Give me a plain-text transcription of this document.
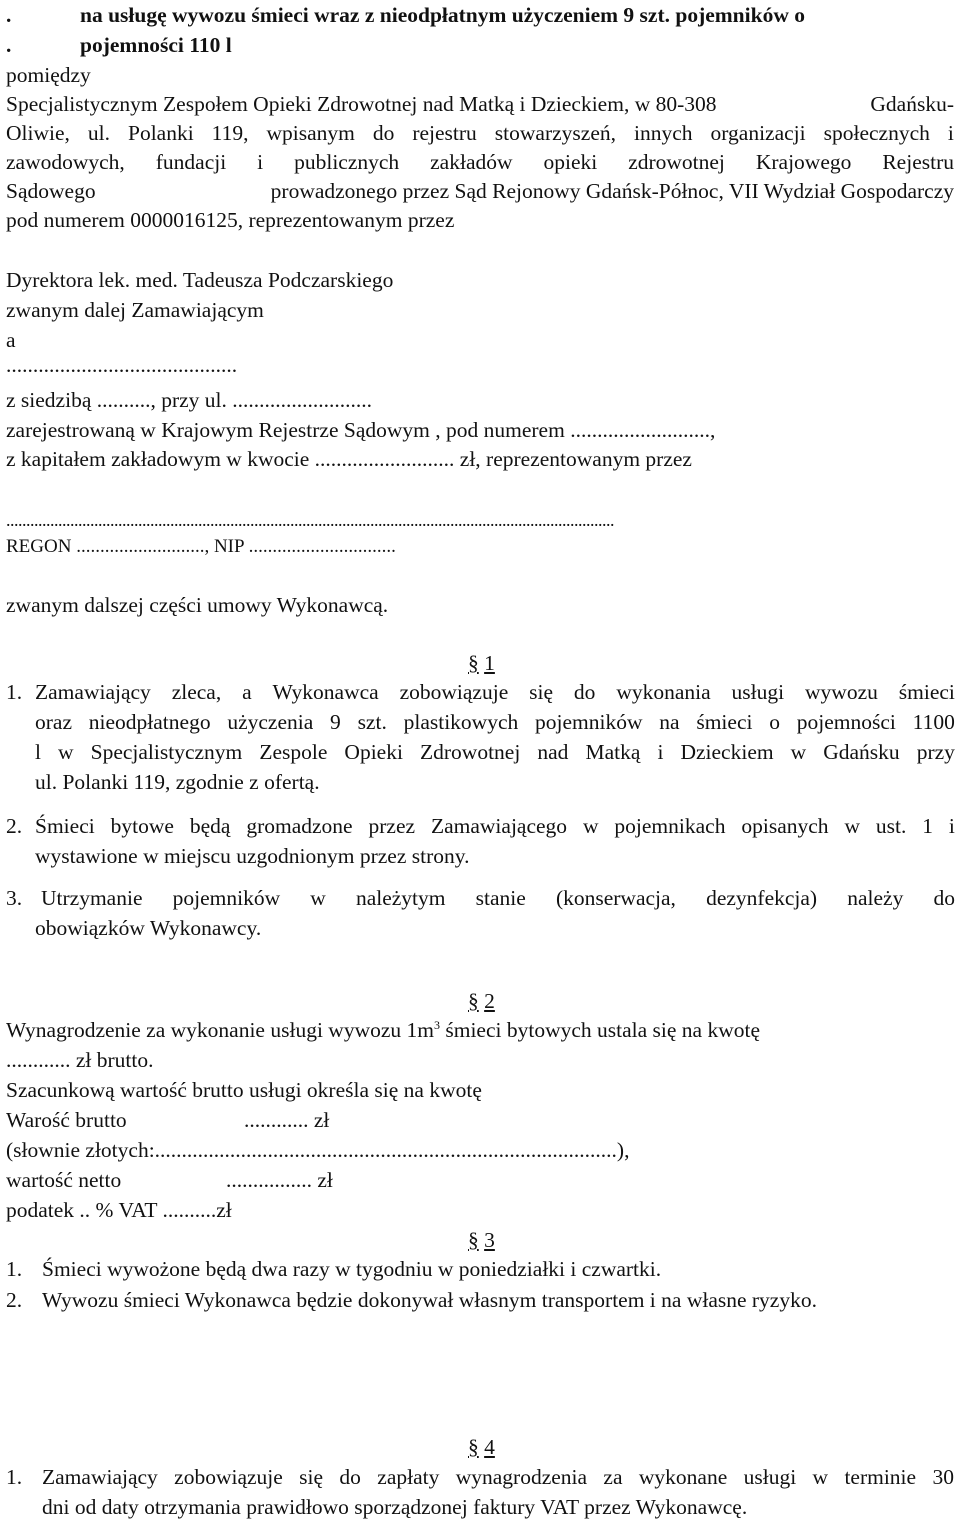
.	na usługę wywozu śmieci wraz z nieodpłatnym użyczeniem 9 szt. pojemników o
.	pojemności 110 l
pomiędzy
Specjalistycznym Zespołem Opieki Zdrowotnej nad Matką i Dzieckiem, w 80-308	Gdańsku-
Oliwie, ul. Polanki 119, wpisanym do rejestru stowarzyszeń, innych organizacji społecznych i
zawodowych, fundacji i publicznych zakładów opieki zdrowotnej Krajowego Rejestru
Sądowego	prowadzonego przez Sąd Rejonowy Gdańsk-Północ, VII Wydział Gospodarczy
pod numerem 0000016125, reprezentowanym przez
Dyrektora lek. med. Tadeusza Podczarskiego
zwanym dalej Zamawiającym
a
...........................................
z siedzibą .........., przy ul. ..........................
zarejestrowaną w Krajowym Rejestrze Sądowym , pod numerem ..........................,
z kapitałem zakładowym w kwocie .......................... zł, reprezentowanym przez
........................................................................................................................................................
REGON ..........................., NIP ...............................
zwanym dalszej części umowy Wykonawcą.
§ 1
1. Zamawiający zleca, a Wykonawca zobowiązuje się do wykonania usługi wywozu śmieci
oraz nieodpłatnego użyczenia 9 szt. plastikowych pojemników na śmieci o pojemności 1100
l w Specjalistycznym Zespole Opieki Zdrowotnej nad Matką i Dzieckiem w Gdańsku przy
ul. Polanki 119, zgodnie z ofertą.
2. Śmieci bytowe będą gromadzone przez Zamawiającego w pojemnikach opisanych w ust. 1 i
wystawione w miejscu uzgodnionym przez strony.
3. Utrzymanie pojemników w należytym stanie (konserwacja, dezynfekcja) należy do
obowiązków Wykonawcy.
§ 2
Wynagrodzenie za wykonanie usługi wywozu $1m^3$ śmieci bytowych ustala się na kwotę
............ zł brutto.
Szacunkową wartość brutto usługi określa się na kwotę
Warość brutto	............ zł
(słownie złotych:......................................................................................),
wartość netto	................ zł
podatek .. % VAT ..........zł
§ 3
1. Śmieci wywożone będą dwa razy w tygodniu w poniedziałki i czwartki.
2. Wywozu śmieci Wykonawca będzie dokonywał własnym transportem i na własne ryzyko.
§ 4
1. Zamawiający zobowiązuje się do zapłaty wynagrodzenia za wykonane usługi w terminie 30
dni od daty otrzymania prawidłowo sporządzonej faktury VAT przez Wykonawcę.
